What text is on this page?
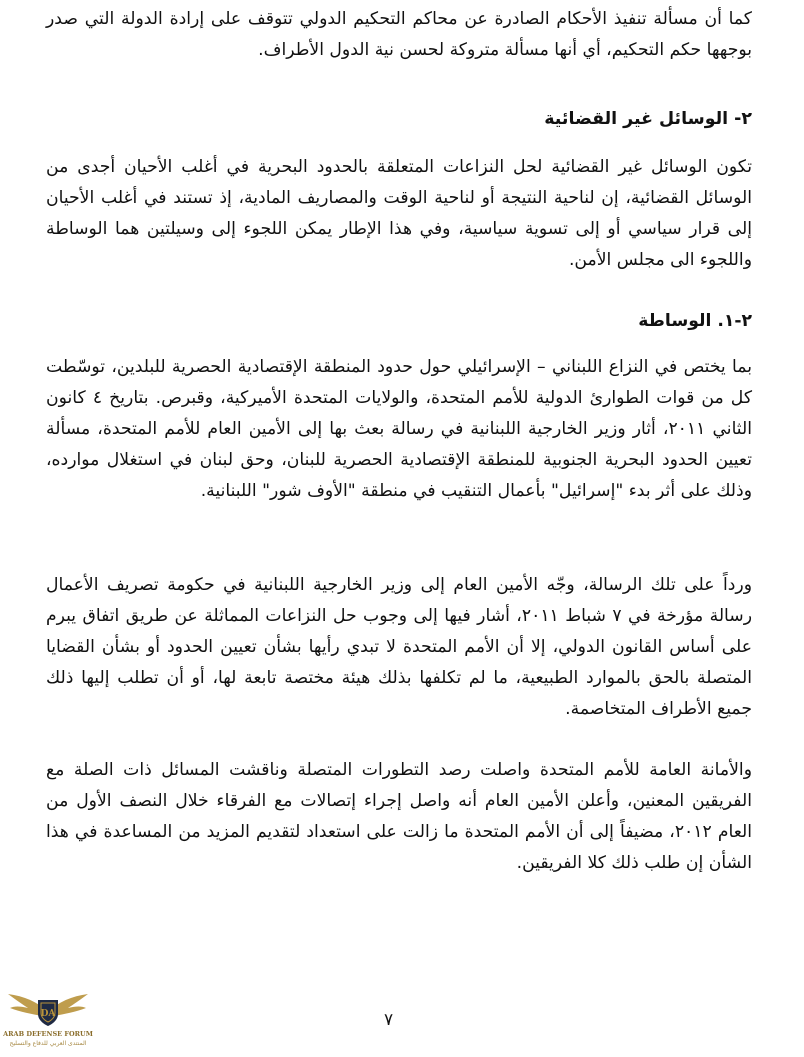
كما أن مسألة تنفيذ الأحكام الصادرة عن محاكم التحكيم الدولي تتوقف على إرادة الدولة التي صدر بوجهها حكم التحكيم، أي أنها مسألة متروكة لحسن نية الدول الأطراف.

٢- الوسائل غير القضائية

تكون الوسائل غير القضائية لحل النزاعات المتعلقة بالحدود البحرية في أغلب الأحيان أجدى من الوسائل القضائية، إن لناحية النتيجة أو لناحية الوقت والمصاريف المادية، إذ تستند في أغلب الأحيان إلى قرار سياسي أو إلى تسوية سياسية، وفي هذا الإطار يمكن اللجوء إلى وسيلتين هما الوساطة واللجوء الى مجلس الأمن.

٢-١. الوساطة

بما يختص في النزاع اللبناني – الإسرائيلي حول حدود المنطقة الإقتصادية الحصرية للبلدين، توسّطت كل من قوات الطوارئ الدولية للأمم المتحدة، والولايات المتحدة الأميركية، وقبرص. بتاريخ ٤ كانون الثاني ٢٠١١، أثار وزير الخارجية اللبنانية في رسالة بعث بها إلى الأمين العام للأمم المتحدة، مسألة تعيين الحدود البحرية الجنوبية للمنطقة الإقتصادية الحصرية للبنان، وحق لبنان في استغلال موارده، وذلك على أثر بدء "إسرائيل" بأعمال التنقيب في منطقة "الأوف شور" اللبنانية.

ورداً على تلك الرسالة، وجّه الأمين العام إلى وزير الخارجية اللبنانية في حكومة تصريف الأعمال رسالة مؤرخة في ٧ شباط ٢٠١١، أشار فيها إلى وجوب حل النزاعات المماثلة عن طريق اتفاق يبرم على أساس القانون الدولي، إلا أن الأمم المتحدة لا تبدي رأيها بشأن تعيين الحدود أو بشأن القضايا المتصلة بالحق بالموارد الطبيعية، ما لم تكلفها بذلك هيئة مختصة تابعة لها، أو أن تطلب إليها ذلك جميع الأطراف المتخاصمة.

والأمانة العامة للأمم المتحدة واصلت رصد التطورات المتصلة وناقشت المسائل ذات الصلة مع الفريقين المعنين، وأعلن الأمين العام أنه واصل إجراء إتصالات مع الفرقاء خلال النصف الأول من العام ٢٠١٢، مضيفاً إلى أن الأمم المتحدة ما زالت على استعداد لتقديم المزيد من المساعدة في هذا الشأن إن طلب ذلك كلا الفريقين.

٧
DA
ARAB DEFENSE FORUM
المنتدى العربي للدفاع والتسليح
